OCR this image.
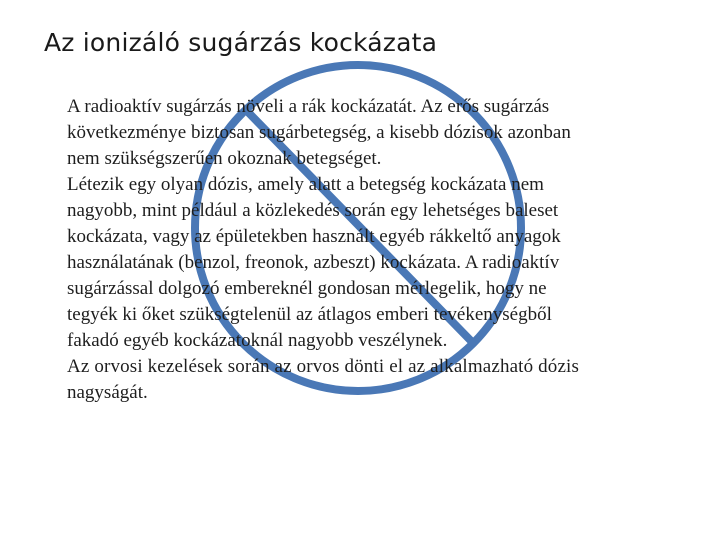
Az ionizáló sugárzás kockázata
A radioaktív sugárzás növeli a rák kockázatát. Az erős sugárzás
következménye biztosan sugárbetegség, a kisebb dózisok azonban
nem szükségszerűen okoznak betegséget.
Létezik egy olyan dózis, amely alatt a betegség kockázata nem
nagyobb, mint például a közlekedés során egy lehetséges baleset
kockázata, vagy az épületekben használt egyéb rákkeltő anyagok
használatának (benzol, freonok, azbeszt) kockázata. A radioaktív
sugárzással dolgozó embereknél gondosan mérlegelik, hogy ne
tegyék ki őket szükségtelenül az átlagos emberi tevékenységből
fakadó egyéb kockázatoknál nagyobb veszélynek.
Az orvosi kezelések során az orvos dönti el az alkalmazható dózis
nagyságát.
